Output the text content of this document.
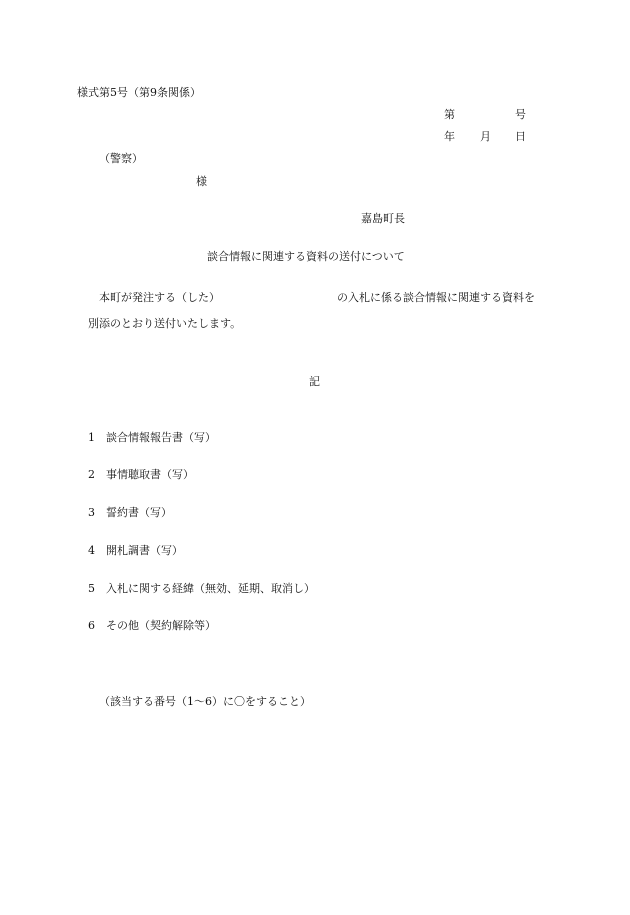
様式第5号（第9条関係）
第	号
年 月 日
（警察）
様
嘉島町長
談合情報に関連する資料の送付について
本町が発注する（した）	の入札に係る談合情報に関連する資料を
別添のとおり送付いたします。
記
1 談合情報報告書（写）
2 事情聴取書（写）
3 誓約書（写）
4 開札調書（写）
5 入札に関する経緯（無効、延期、取消し）
6 その他（契約解除等）
（該当する番号（1〜6）に〇をすること）
